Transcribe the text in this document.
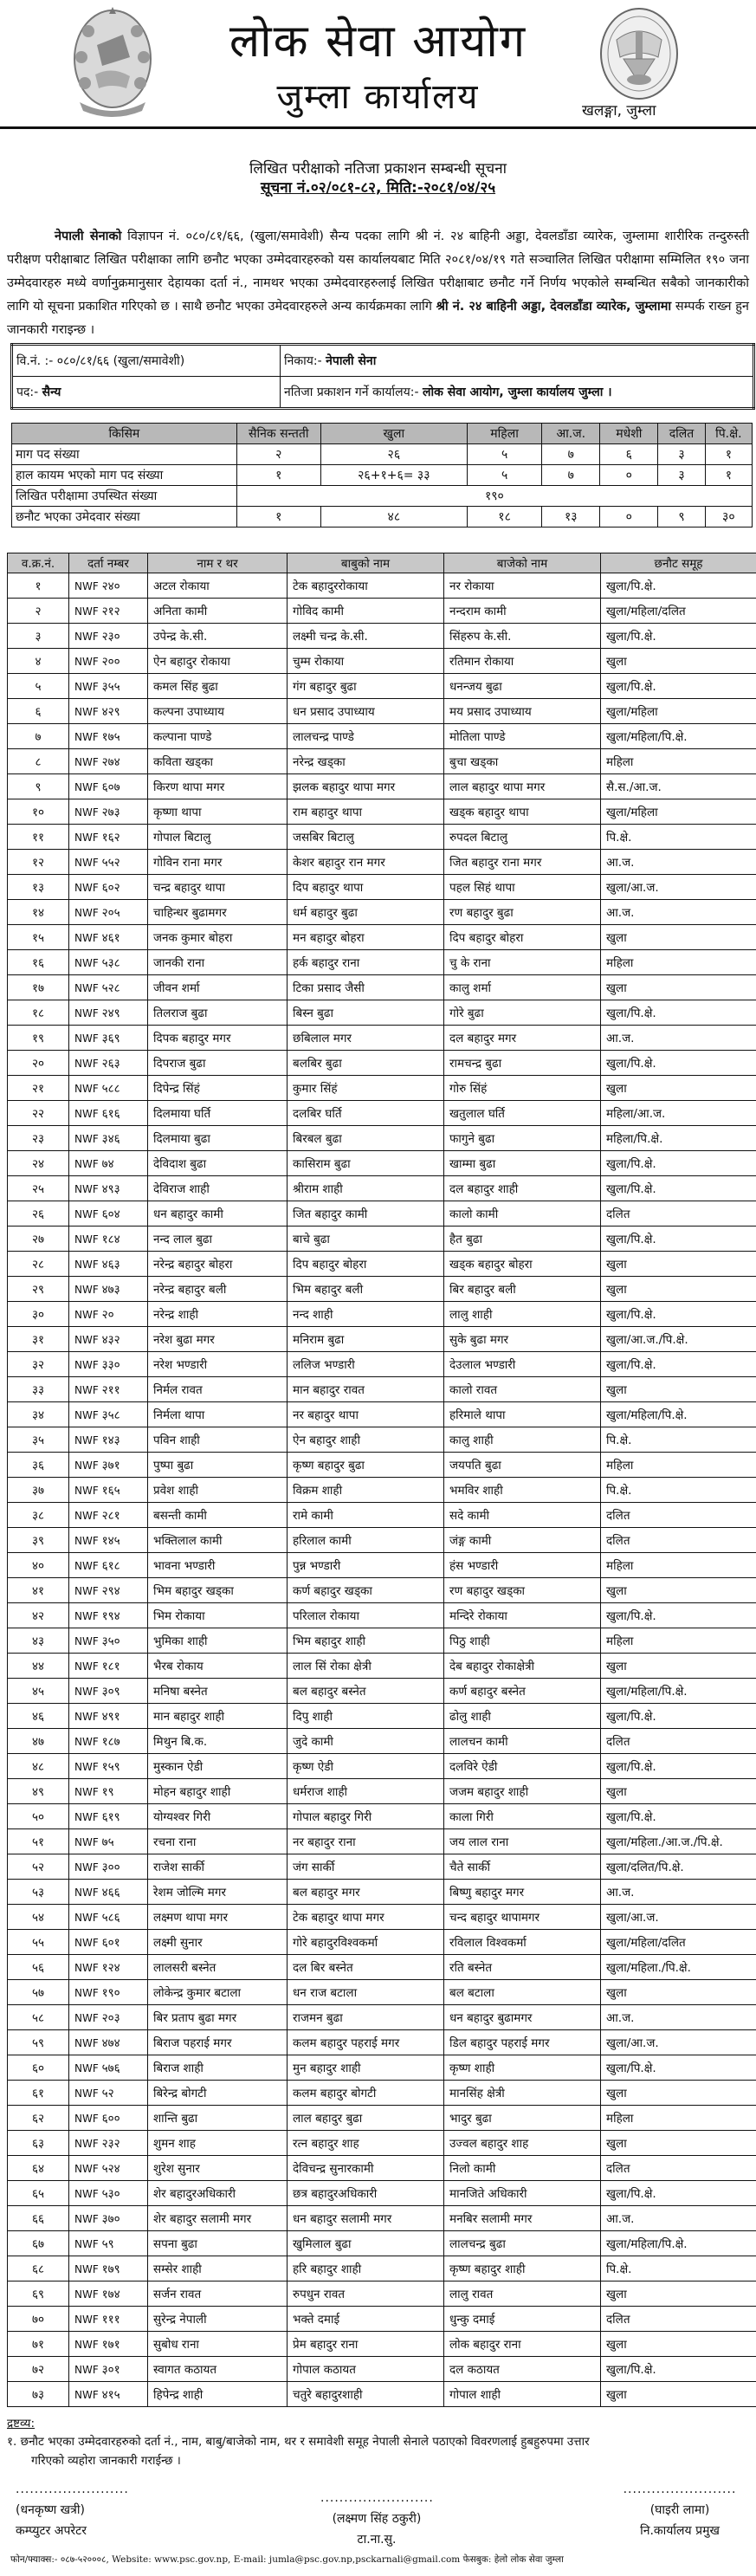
लोक सेवा आयोग
जुम्ला कार्यालय	खलङ्गा, जुम्ला
लिखित परीक्षाको नतिजा प्रकाशन सम्बन्धी सूचना
सूचना नं.०२/०८१-८२, मिति:-२०८१/०४/२५

नेपाली सेनाको विज्ञापन नं. ०८०/८१/६६, (खुला/समावेशी) सैन्य पदका लागि श्री नं. २४ बाहिनी अड्डा, देवलडाँडा व्यारेक, जुम्लामा शारीरिक तन्दुरुस्ती परीक्षण परीक्षाबाट लिखित परीक्षाका लागि छनौट भएका उम्मेदवारहरुको यस कार्यालयबाट मिति २०८१/०४/१९ गते सञ्चालित लिखित परीक्षामा सम्मिलित १९० जना उम्मेदवारहरु मध्ये वर्णानुक्रमानुसार देहायका दर्ता नं., नामथर भएका उम्मेदवारहरुलाई लिखित परीक्षाबाट छनौट गर्ने निर्णय भएकोले सम्बन्धित सबैको जानकारीको लागि यो सूचना प्रकाशित गरिएको छ । साथै छनौट भएका उमेदवारहरुले अन्य कार्यक्रमका लागि श्री नं. २४ बाहिनी अड्डा, देवलडाँडा व्यारेक, जुम्लामा सम्पर्क राख्न हुन जानकारी गराइन्छ ।

वि.नं. :- ०८०/८१/६६ (खुला/समावेशी)	निकाय:- नेपाली सेना
पद:- सैन्य	नतिजा प्रकाशन गर्ने कार्यालय:- लोक सेवा आयोग, जुम्ला कार्यालय जुम्ला ।
किसिम	सैनिक सन्तती	खुला	महिला	आ.ज.	मधेशी	दलित	पि.क्षे.
माग पद संख्या	२	२६	५	७	६	३	१
हाल कायम भएको माग पद संख्या	१	२६+१+६= ३३	५	७	०	३	१
लिखित परीक्षामा उपस्थित संख्या	१९०						
छनौट भएका उमेदवार संख्या	१	४८	१८	१३	०	९	३०
व.क्र.नं.	दर्ता नम्बर	नाम र थर	बाबुको नाम	बाजेको नाम	छनौट समूह
१	NWF २४०	अटल रोकाया	टेक बहादुररोकाया	नर रोकाया	खुला/पि.क्षे.
२	NWF २१२	अनिता कामी	गोविद कामी	नन्दराम कामी	खुला/महिला/दलित
३	NWF २३०	उपेन्द्र के.सी.	लक्ष्मी चन्द्र के.सी.	सिंहरुप के.सी.	खुला/पि.क्षे.
४	NWF २००	ऐन बहादुर रोकाया	चुम्म रोकाया	रतिमान रोकाया	खुला
५	NWF ३५५	कमल सिंह बुढा	गंग बहादुर बुढा	धनन्जय बुढा	खुला/पि.क्षे.
६	NWF ४२९	कल्पना उपाध्याय	धन प्रसाद उपाध्याय	मय प्रसाद उपाध्याय	खुला/महिला
७	NWF १७५	कल्पाना पाण्डे	लालचन्द्र पाण्डे	मोतिला पाण्डे	खुला/महिला/पि.क्षे.
८	NWF २७४	कविता खड्का	नरेन्द्र खड्का	बुचा खड्का	महिला
९	NWF ६०७	किरण थापा मगर	झलक बहादुर थापा मगर	लाल बहादुर थापा मगर	सै.स./आ.ज.
१०	NWF २७३	कृष्णा थापा	राम बहादुर थापा	खड्क बहादुर थापा	खुला/महिला
११	NWF १६२	गोपाल बिटालु	जसबिर बिटालु	रुपदल बिटालु	पि.क्षे.
१२	NWF ५५२	गोविन राना मगर	केशर बहादुर रान मगर	जित बहादुर राना मगर	आ.ज.
१३	NWF ६०२	चन्द्र बहादुर थापा	दिप बहादुर थापा	पहल सिहं थापा	खुला/आ.ज.
१४	NWF २०५	चाहिन्धर बुढामगर	धर्म बहादुर बुढा	रण बहादुर बुढा	आ.ज.
१५	NWF ४६१	जनक कुमार बोहरा	मन बहादुर बोहरा	दिप बहादुर बोहरा	खुला
१६	NWF ५३८	जानकी राना	हर्क बहादुर राना	चु के राना	महिला
१७	NWF ५२८	जीवन शर्मा	टिका प्रसाद जैसी	कालु शर्मा	खुला
१८	NWF २४९	तिलराज बुढा	बिस्न बुढा	गोरे बुढा	खुला/पि.क्षे.
१९	NWF ३६९	दिपक बहादुर मगर	छबिलाल मगर	दल बहादुर मगर	आ.ज.
२०	NWF २६३	दिपराज बुढा	बलबिर बुढा	रामचन्द्र बुढा	खुला/पि.क्षे.
२१	NWF ५८८	दिपेन्द्र सिंहं	कुमार सिंहं	गोरु सिंहं	खुला
२२	NWF ६१६	दिलमाया घर्ति	दलबिर घर्ति	खतुलाल घर्ति	महिला/आ.ज.
२३	NWF ३४६	दिलमाया बुढा	बिरबल बुढा	फागुने बुढा	महिला/पि.क्षे.
२४	NWF ७४	देविदाश बुढा	कासिराम बुढा	खाम्मा बुढा	खुला/पि.क्षे.
२५	NWF ४९३	देविराज शाही	श्रीराम शाही	दल बहादुर शाही	खुला/पि.क्षे.
२६	NWF ६०४	धन बहादुर कामी	जित बहादुर कामी	कालो कामी	दलित
२७	NWF १८४	नन्द लाल बुढा	बाचे बुढा	हैत बुढा	खुला/पि.क्षे.
२८	NWF ४६३	नरेन्द्र बहादुर बोहरा	दिप बहादुर बोहरा	खड्क बहादुर बोहरा	खुला
२९	NWF ४७३	नरेन्द्र बहादुर बली	भिम बहादुर बली	बिर बहादुर बली	खुला
३०	NWF २०	नरेन्द्र शाही	नन्द शाही	लालु शाही	खुला/पि.क्षे.
३१	NWF ४३२	नरेश बुढा मगर	मनिराम बुढा	सुके बुढा मगर	खुला/आ.ज./पि.क्षे.
३२	NWF ३३०	नरेश भण्डारी	ललिज भण्डारी	देउलाल भण्डारी	खुला/पि.क्षे.
३३	NWF २११	निर्मल रावत	मान बहादुर रावत	कालो रावत	खुला
३४	NWF ३५८	निर्मला थापा	नर बहादुर थापा	हरिमाले थापा	खुला/महिला/पि.क्षे.
३५	NWF १४३	पविन शाही	ऐन बहादुर शाही	कालु शाही	पि.क्षे.
३६	NWF ३७१	पुष्पा बुढा	कृष्ण बहादुर बुढा	जयपति बुढा	महिला
३७	NWF १६५	प्रवेश शाही	विक्रम शाही	भमविर शाही	पि.क्षे.
३८	NWF २८१	बसन्ती कामी	रामे कामी	सदे कामी	दलित
३९	NWF १४५	भक्तिलाल कामी	हरिलाल कामी	जंङ्ग कामी	दलित
४०	NWF ६१८	भावना भण्डारी	पुन्न भण्डारी	हंस भण्डारी	महिला
४१	NWF २९४	भिम बहादुर खड्का	कर्ण बहादुर खड्का	रण बहादुर खड्का	खुला
४२	NWF १९४	भिम रोकाया	परिलाल रोकाया	मन्दिरे रोकाया	खुला/पि.क्षे.
४३	NWF ३५०	भुमिका शाही	भिम बहादुर शाही	पिठु शाही	महिला
४४	NWF १८१	भैरब रोकाय	लाल सिं रोका क्षेत्री	देब बहादुर रोकाक्षेत्री	खुला
४५	NWF ३०९	मनिषा बस्नेत	बल बहादुर बस्नेत	कर्ण बहादुर बस्नेत	खुला/महिला/पि.क्षे.
४६	NWF ४९१	मान बहादुर शाही	दिपु शाही	ढोलु शाही	खुला/पि.क्षे.
४७	NWF १८७	मिथुन बि.क.	जुदे कामी	लालचन कामी	दलित
४८	NWF १५९	मुस्कान ऐडी	कृष्ण ऐडी	दलविरे ऐडी	खुला/पि.क्षे.
४९	NWF १९	मोहन बहादुर शाही	धर्मराज शाही	जजम बहादुर शाही	खुला
५०	NWF ६१९	योग्यश्वर गिरी	गोपाल बहादुर गिरी	काला गिरी	खुला/पि.क्षे.
५१	NWF ७५	रचना राना	नर बहादुर राना	जय लाल राना	खुला/महिला./आ.ज./पि.क्षे.
५२	NWF ३००	राजेश सार्की	जंग सार्की	चैते सार्की	खुला/दलित/पि.क्षे.
५३	NWF ४६६	रेशम जोल्मि मगर	बल बहादुर मगर	बिष्णु बहादुर मगर	आ.ज.
५४	NWF ५८६	लक्ष्मण थापा मगर	टेक बहादुर थापा मगर	चन्द बहादुर थापामगर	खुला/आ.ज.
५५	NWF ६०१	लक्ष्मी सुनार	गोरे बहादुरविश्वकर्मा	रविलाल विश्वकर्मा	खुला/महिला/दलित
५६	NWF १२४	लालसरी बस्नेत	दल बिर बस्नेत	रति बस्नेत	खुला/महिला./पि.क्षे.
५७	NWF १९०	लोकेन्द्र कुमार बटाला	धन राज बटाला	बल बटाला	खुला
५८	NWF २०३	बिर प्रताप बुढा मगर	राजमन बुढा	धन बहादुर बुढामगर	आ.ज.
५९	NWF ४७४	बिराज पहराई मगर	कलम बहादुर पहराई मगर	डिल बहादुर पहराई मगर	खुला/आ.ज.
६०	NWF ५७६	बिराज शाही	मुन बहादुर शाही	कृष्ण शाही	खुला/पि.क्षे.
६१	NWF ५२	बिरेन्द्र बोगटी	कलम बहादुर बोगटी	मानसिंह क्षेत्री	खुला
६२	NWF ६००	शान्ति बुढा	लाल बहादुर बुढा	भादुर बुढा	महिला
६३	NWF २३२	शुमन शाह	रत्न बहादुर शाह	उज्वल बहादुर शाह	खुला
६४	NWF ५२४	शुरेश सुनार	देविचन्द्र सुनारकामी	निलो कामी	दलित
६५	NWF ५३०	शेर बहादुरअधिकारी	छत्र बहादुरअधिकारी	मानजिते अधिकारी	खुला/पि.क्षे.
६६	NWF ३७०	शेर बहादुर सलामी मगर	धन बहादुर सलामी मगर	मनबिर सलामी मगर	आ.ज.
६७	NWF ५९	सपना बुढा	खुमिलाल बुढा	लालचन्द्र बुढा	खुला/महिला/पि.क्षे.
६८	NWF १७९	सम्सेर शाही	हरि बहादुर शाही	कृष्ण बहादुर शाही	पि.क्षे.
६९	NWF १७४	सर्जन रावत	रुपधुन रावत	लालु रावत	खुला
७०	NWF १११	सुरेन्द्र नेपाली	भक्ते दमाई	धुन्कु दमाई	दलित
७१	NWF १७१	सुबोध राना	प्रेम बहादुर राना	लोक बहादुर राना	खुला
७२	NWF ३०१	स्वागत कठायत	गोपाल कठायत	दल कठायत	खुला/पि.क्षे.
७३	NWF ४१५	हिपेन्द्र शाही	चतुरे बहादुरशाही	गोपाल शाही	खुला
द्रष्टव्य:
१. छनौट भएका उम्मेदवारहरुको दर्ता नं., नाम, बाबु/बाजेको नाम, थर र समावेशी समूह नेपाली सेनाले पठाएको विवरणलाई हुबहुरुपमा उत्तार
गरिएको व्यहोरा जानकारी गराईन्छ ।
........................
(धनकृष्ण खत्री)
कम्प्युटर अपरेटर
........................
(लक्ष्मण सिंह ठकुरी)
टा.ना.सु.
........................
(घाइरी लामा)
नि.कार्यालय प्रमुख
फोन/फ्याक्स:- ०८७-५२०००८, Website: www.psc.gov.np, E-mail: jumla@psc.gov.np,psckarnali@gmail.com फेसबुक: हेलो लोक सेवा जुम्ला
